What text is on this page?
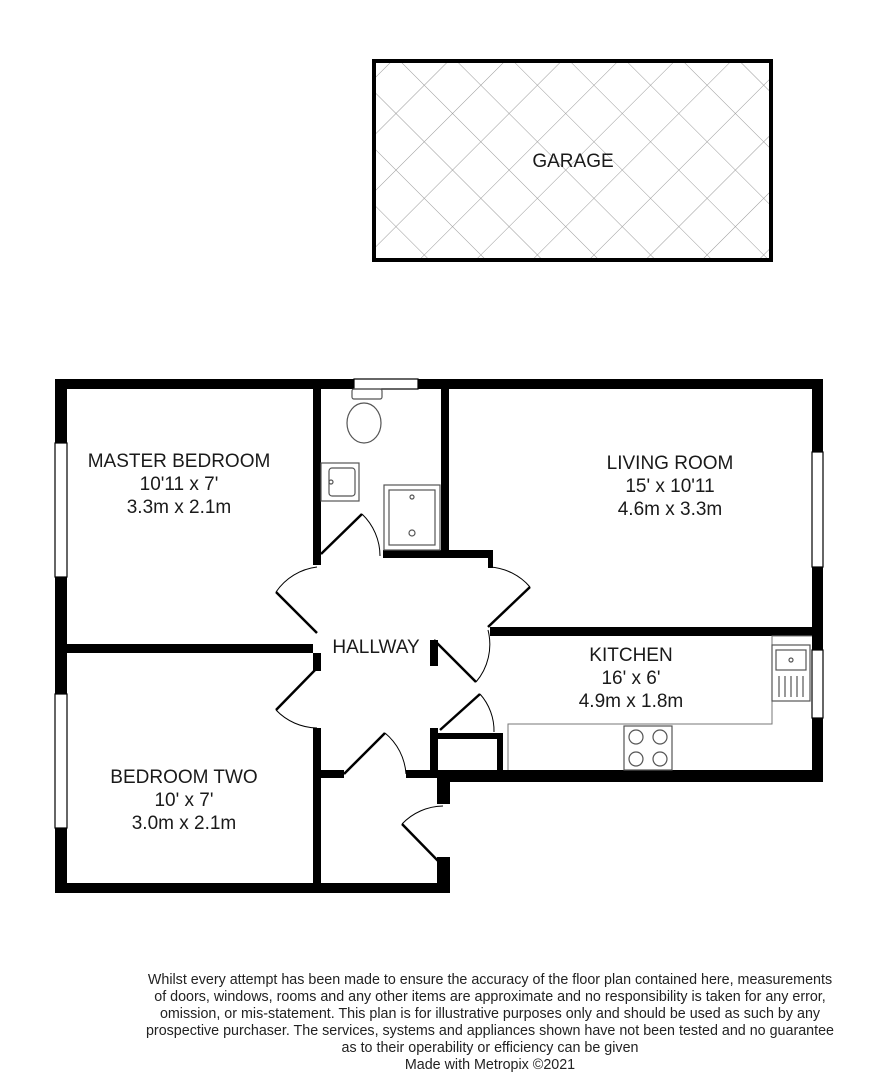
GARAGE
MASTER BEDROOM
10'11 x 7'
3.3m x 2.1m
LIVING ROOM
15' x 10'11
4.6m x 3.3m
HALLWAY	KITCHEN
16' x 6'
4.9m x 1.8m
BEDROOM TWO
10' x 7'
3.0m x 2.1m
Whilst every attempt has been made to ensure the accuracy of the floor plan contained here, measurements
of doors, windows, rooms and any other items are approximate and no responsibility is taken for any error,
omission, or mis-statement. This plan is for illustrative purposes only and should be used as such by any
prospective purchaser. The services, systems and appliances shown have not been tested and no guarantee
as to their operability or efficiency can be given
Made with Metropix ©2021
